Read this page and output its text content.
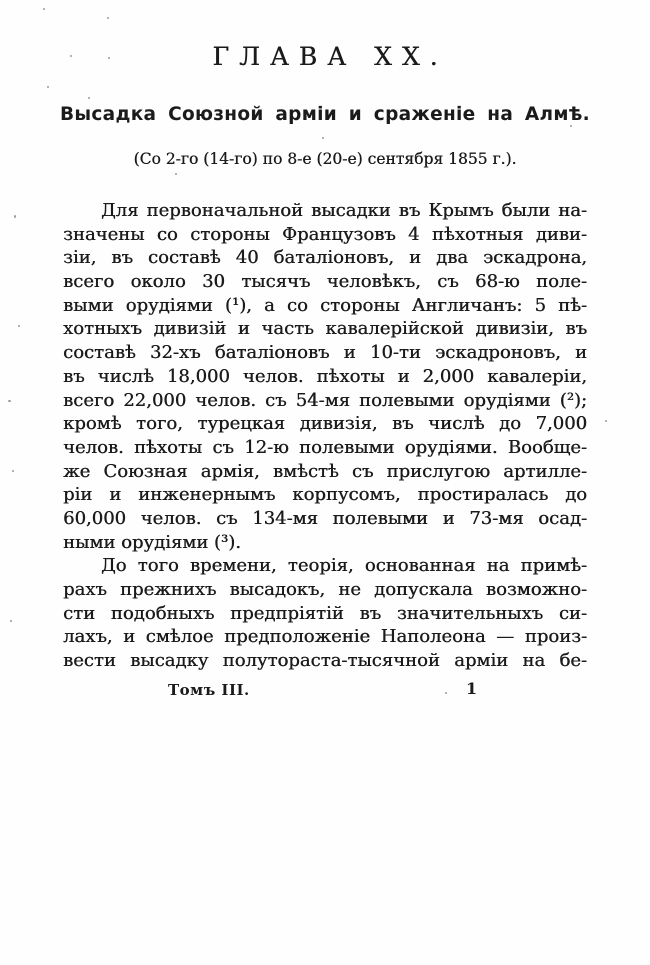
ГЛАВА XX.
Высадка Союзной арміи и сраженіе на Алмѣ.
(Со 2-го (14-го) по 8-е (20-е) сентября 1855 г.).
Для первоначальной высадки въ Крымъ были на-
значены со стороны Французовъ 4 пѣхотныя диви-
зіи, въ составѣ 40 баталіоновъ, и два эскадрона,
всего около 30 тысячъ человѣкъ, съ 68-ю поле-
выми орудіями (¹), а со стороны Англичанъ: 5 пѣ-
хотныхъ дивизій и часть кавалерійской дивизіи, въ
составѣ 32-хъ баталіоновъ и 10-ти эскадроновъ, и
въ числѣ 18,000 челов. пѣхоты и 2,000 кавалеріи,
всего 22,000 челов. съ 54-мя полевыми орудіями (²);
кромѣ того, турецкая дивизія, въ числѣ до 7,000
челов. пѣхоты съ 12-ю полевыми орудіями. Вообще-
же Союзная армія, вмѣстѣ съ прислугою артилле-
ріи и инженернымъ корпусомъ, простиралась до
60,000 челов. съ 134-мя полевыми и 73-мя осад-
ными орудіями (³).
До того времени, теорія, основанная на примѣ-
рахъ прежнихъ высадокъ, не допускала возможно-
сти подобныхъ предпріятій въ значительныхъ си-
лахъ, и смѣлое предположеніе Наполеона — произ-
вести высадку полутораста-тысячной арміи на бе-
Томъ III.	1
